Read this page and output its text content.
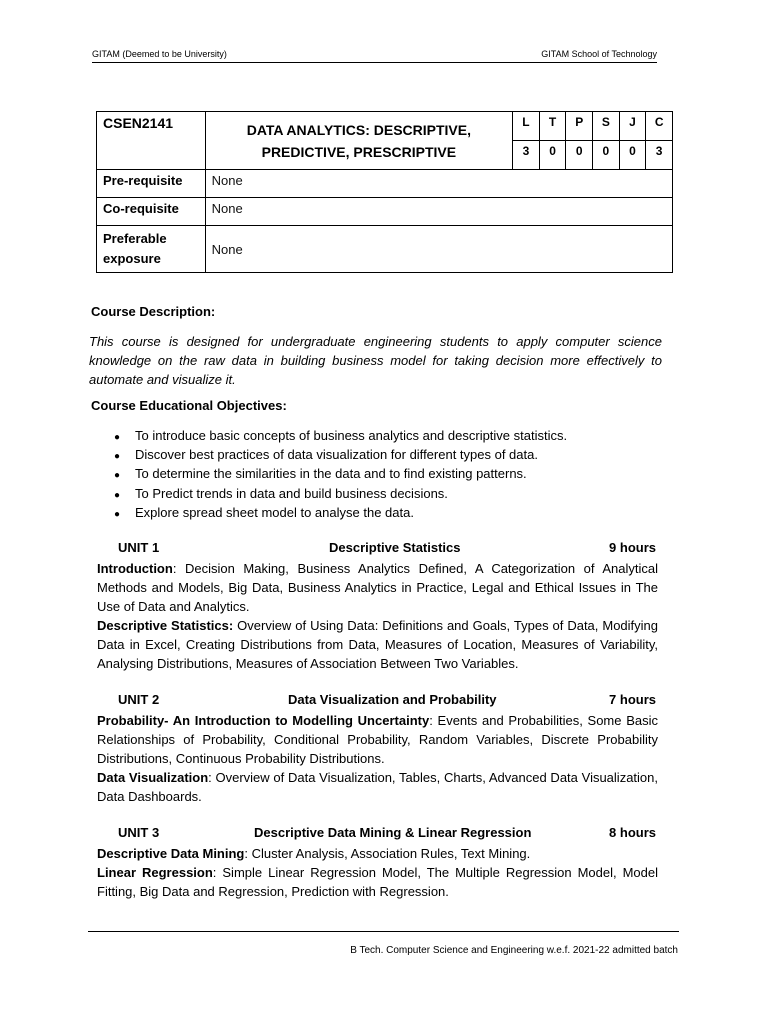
GITAM (Deemed to be University)	GITAM School of Technology
CSEN2141	DATA ANALYTICS: DESCRIPTIVE,
PREDICTIVE, PRESCRIPTIVE	L	T	P	S	J	C
		3	0	0	0	0	3
Pre-requisite	None						
Co-requisite	None						

Preferable
exposure	None						
Course Description:
This course is designed for undergraduate engineering students to apply computer science knowledge on the raw data in building business model for taking decision more effectively to automate and visualize it.
Course Educational Objectives:
● To introduce basic concepts of business analytics and descriptive statistics.
● Discover best practices of data visualization for different types of data.
● To determine the similarities in the data and to find existing patterns.
● To Predict trends in data and build business decisions.
● Explore spread sheet model to analyse the data.
UNIT 1	Descriptive Statistics	9 hours
Introduction: Decision Making, Business Analytics Defined, A Categorization of Analytical Methods and Models, Big Data, Business Analytics in Practice, Legal and Ethical Issues in The Use of Data and Analytics.
Descriptive Statistics: Overview of Using Data: Definitions and Goals, Types of Data, Modifying Data in Excel, Creating Distributions from Data, Measures of Location, Measures of Variability, Analysing Distributions, Measures of Association Between Two Variables.
UNIT 2	Data Visualization and Probability	7 hours
Probability- An Introduction to Modelling Uncertainty: Events and Probabilities, Some Basic Relationships of Probability, Conditional Probability, Random Variables, Discrete Probability Distributions, Continuous Probability Distributions.
Data Visualization: Overview of Data Visualization, Tables, Charts, Advanced Data Visualization, Data Dashboards.
UNIT 3	Descriptive Data Mining & Linear Regression	8 hours
Descriptive Data Mining: Cluster Analysis, Association Rules, Text Mining.
Linear Regression: Simple Linear Regression Model, The Multiple Regression Model, Model Fitting, Big Data and Regression, Prediction with Regression.
B Tech. Computer Science and Engineering w.e.f. 2021-22 admitted batch
